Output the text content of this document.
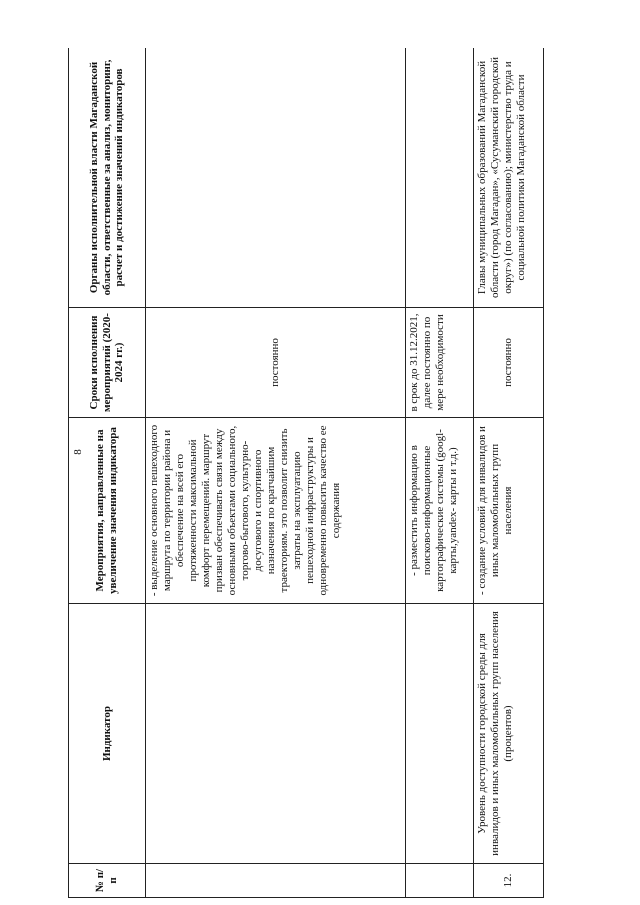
8
№ п/п	Индикатор	Мероприятия, направленные на увеличение значения индикатора	Сроки исполнения мероприятий (2020-2024 гг.)	Органы исполнительной власти Магаданской области, ответственные за анализ, мониторинг, расчет и достижение значений индикаторов
		- выделение основного пешеходного маршрута по территории района и обеспечение на всей его протяженности максимальной комфорт перемещений. маршрут призван обеспечивать связи между основными объектами социального, торгово-бытового, культурно-досугового и спортивного назначения по кратчайшим траекториям. это позволит снизить затраты на эксплуатацию пешеходной инфраструктуры и одновременно повысить качество ее содержания	постоянно	
		- разместить информацию в поисково-информационные картографические системы (googl-карты,yandex- карты и т.д.)	в срок до 31.12.2021, далее постоянно по мере необходимости	
12.	Уровень доступности городской среды для инвалидов и иных маломобильных групп населения (процентов)	- создание условий для инвалидов и иных маломобильных групп населения	постоянно	Главы муниципальных образований Магаданской области (город Магадан», «Сусуманский городской округ») (по согласованию); министерство труда и социальной политики Магаданской области
